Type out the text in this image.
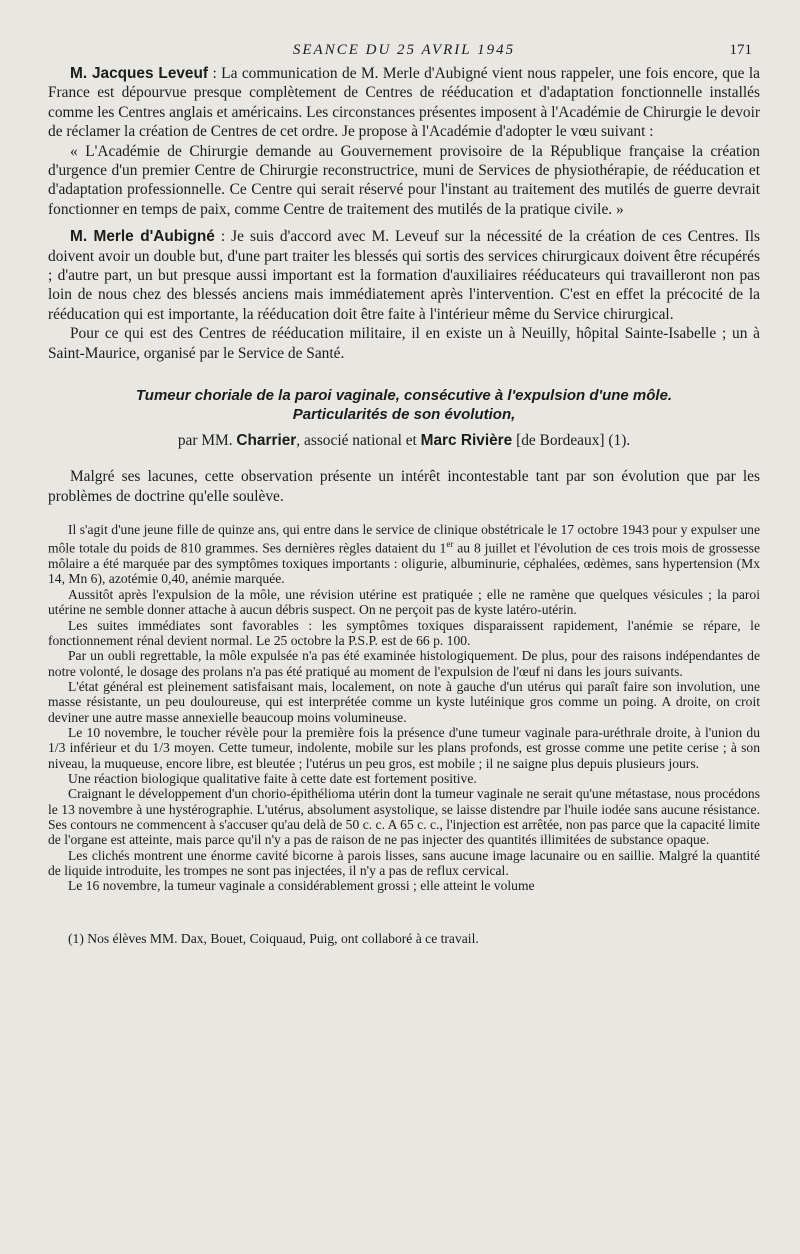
SEANCE DU 25 AVRIL 1945	171

M. Jacques Leveuf : La communication de M. Merle d'Aubigné vient nous rappeler, une fois encore, que la France est dépourvue presque complètement de Centres de rééducation et d'adaptation fonctionnelle installés comme les Centres anglais et américains. Les circonstances présentes imposent à l'Académie de Chirurgie le devoir de réclamer la création de Centres de cet ordre. Je propose à l'Académie d'adopter le vœu suivant :

« L'Académie de Chirurgie demande au Gouvernement provisoire de la République française la création d'urgence d'un premier Centre de Chirurgie reconstructrice, muni de Services de physiothérapie, de rééducation et d'adaptation professionnelle. Ce Centre qui serait réservé pour l'instant au traitement des mutilés de guerre devrait fonctionner en temps de paix, comme Centre de traitement des mutilés de la pratique civile. »

M. Merle d'Aubigné : Je suis d'accord avec M. Leveuf sur la nécessité de la création de ces Centres. Ils doivent avoir un double but, d'une part traiter les blessés qui sortis des services chirurgicaux doivent être récupérés ; d'autre part, un but presque aussi important est la formation d'auxiliaires rééducateurs qui travailleront non pas loin de nous chez des blessés anciens mais immédiatement après l'intervention. C'est en effet la précocité de la rééducation qui est importante, la rééducation doit être faite à l'intérieur même du Service chirurgical.

Pour ce qui est des Centres de rééducation militaire, il en existe un à Neuilly, hôpital Sainte-Isabelle ; un à Saint-Maurice, organisé par le Service de Santé.

Tumeur choriale de la paroi vaginale, consécutive à l'expulsion d'une môle.
Particularités de son évolution,
par MM. Charrier, associé national et Marc Rivière [de Bordeaux] (1).

Malgré ses lacunes, cette observation présente un intérêt incontestable tant par son évolution que par les problèmes de doctrine qu'elle soulève.

Il s'agit d'une jeune fille de quinze ans, qui entre dans le service de clinique obstétricale le 17 octobre 1943 pour y expulser une môle totale du poids de 810 grammes. Ses dernières règles dataient du 1er au 8 juillet et l'évolution de ces trois mois de grossesse môlaire a été marquée par des symptômes toxiques importants : oligurie, albuminurie, céphalées, œdèmes, sans hypertension (Mx 14, Mn 6), azotémie 0,40, anémie marquée.

Aussitôt après l'expulsion de la môle, une révision utérine est pratiquée ; elle ne ramène que quelques vésicules ; la paroi utérine ne semble donner attache à aucun débris suspect. On ne perçoit pas de kyste latéro-utérin.

Les suites immédiates sont favorables : les symptômes toxiques disparaissent rapidement, l'anémie se répare, le fonctionnement rénal devient normal. Le 25 octobre la P.S.P. est de 66 p. 100.

Par un oubli regrettable, la môle expulsée n'a pas été examinée histologiquement. De plus, pour des raisons indépendantes de notre volonté, le dosage des prolans n'a pas été pratiqué au moment de l'expulsion de l'œuf ni dans les jours suivants.

L'état général est pleinement satisfaisant mais, localement, on note à gauche d'un utérus qui paraît faire son involution, une masse résistante, un peu douloureuse, qui est interprétée comme un kyste lutéinique gros comme un poing. A droite, on croit deviner une autre masse annexielle beaucoup moins volumineuse.

Le 10 novembre, le toucher révèle pour la première fois la présence d'une tumeur vaginale para-uréthrale droite, à l'union du 1/3 inférieur et du 1/3 moyen. Cette tumeur, indolente, mobile sur les plans profonds, est grosse comme une petite cerise ; à son niveau, la muqueuse, encore libre, est bleutée ; l'utérus un peu gros, est mobile ; il ne saigne plus depuis plusieurs jours.

Une réaction biologique qualitative faite à cette date est fortement positive.

Craignant le développement d'un chorio-épithélioma utérin dont la tumeur vaginale ne serait qu'une métastase, nous procédons le 13 novembre à une hystérographie. L'utérus, absolument asystolique, se laisse distendre par l'huile iodée sans aucune résistance. Ses contours ne commencent à s'accuser qu'au delà de 50 c. c. A 65 c. c., l'injection est arrêtée, non pas parce que la capacité limite de l'organe est atteinte, mais parce qu'il n'y a pas de raison de ne pas injecter des quantités illimitées de substance opaque.

Les clichés montrent une énorme cavité bicorne à parois lisses, sans aucune image lacunaire ou en saillie. Malgré la quantité de liquide introduite, les trompes ne sont pas injectées, il n'y a pas de reflux cervical.

Le 16 novembre, la tumeur vaginale a considérablement grossi ; elle atteint le volume

(1) Nos élèves MM. Dax, Bouet, Coiquaud, Puig, ont collaboré à ce travail.
